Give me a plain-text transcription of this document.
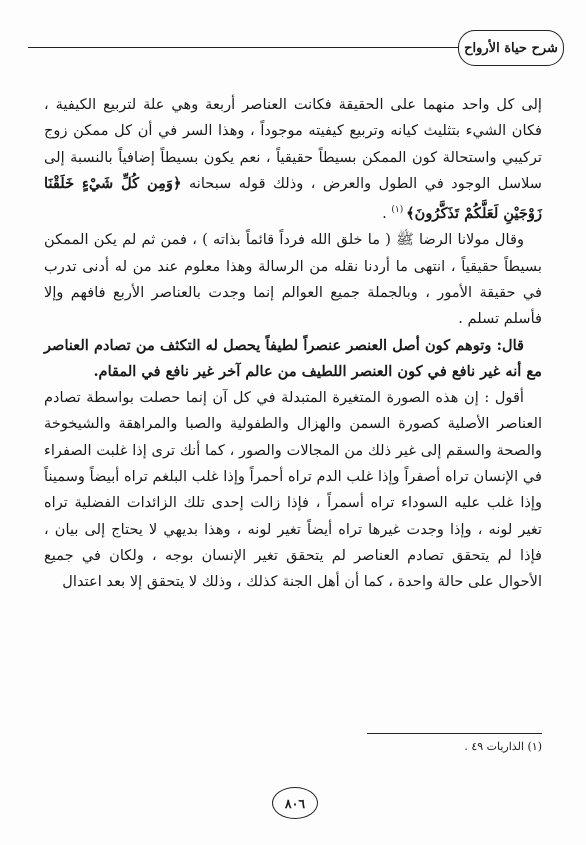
شرح حياة الأرواح

إلى كل واحد منهما على الحقيقة فكانت العناصر أربعة وهي علة لتربيع الكيفية ، فكان الشيء بتثليث كيانه وتربيع كيفيته موجوداً ، وهذا السر في أن كل ممكن زوج تركيبي واستحالة كون الممكن بسيطاً حقيقياً ، نعم يكون بسيطاً إضافياً بالنسبة إلى سلاسل الوجود في الطول والعرض ، وذلك قوله سبحانه ﴿وَمِن كُلِّ شَيْءٍ خَلَقْنَا زَوْجَيْنِ لَعَلَّكُمْ تَذَكَّرُونَ﴾ $^{(١)}$ .

وقال مولانا الرضا ﷺ ( ما خلق الله فرداً قائماً بذاته ) ، فمن ثم لم يكن الممكن بسيطاً حقيقياً ، انتهى ما أردنا نقله من الرسالة وهذا معلوم عند من له أدنى تدرب في حقيقة الأمور ، وبالجملة جميع العوالم إنما وجدت بالعناصر الأربع فافهم وإلا فأسلم تسلم .

قال: وتوهم كون أصل العنصر عنصراً لطيفاً يحصل له التكثف من تصادم العناصر مع أنه غير نافع في كون العنصر اللطيف من عالم آخر غير نافع في المقام.

أقول : إن هذه الصورة المتغيرة المتبدلة في كل آن إنما حصلت بواسطة تصادم العناصر الأصلية كصورة السمن والهزال والطفولية والصبا والمراهقة والشيخوخة والصحة والسقم إلى غير ذلك من المجالات والصور ، كما أنك ترى إذا غلبت الصفراء في الإنسان تراه أصفراً وإذا غلب الدم تراه أحمراً وإذا غلب البلغم تراه أبيضاً وسميناً وإذا غلب عليه السوداء تراه أسمراً ، فإذا زالت إحدى تلك الزائدات الفضلية تراه تغير لونه ، وإذا وجدت غيرها تراه أيضاً تغير لونه ، وهذا بديهي لا يحتاج إلى بيان ، فإذا لم يتحقق تصادم العناصر لم يتحقق تغير الإنسان بوجه ، ولكان في جميع الأحوال على حالة واحدة ، كما أن أهل الجنة كذلك ، وذلك لا يتحقق إلا بعد اعتدال

(١) الذاريات ٤٩ .
٨٠٦
